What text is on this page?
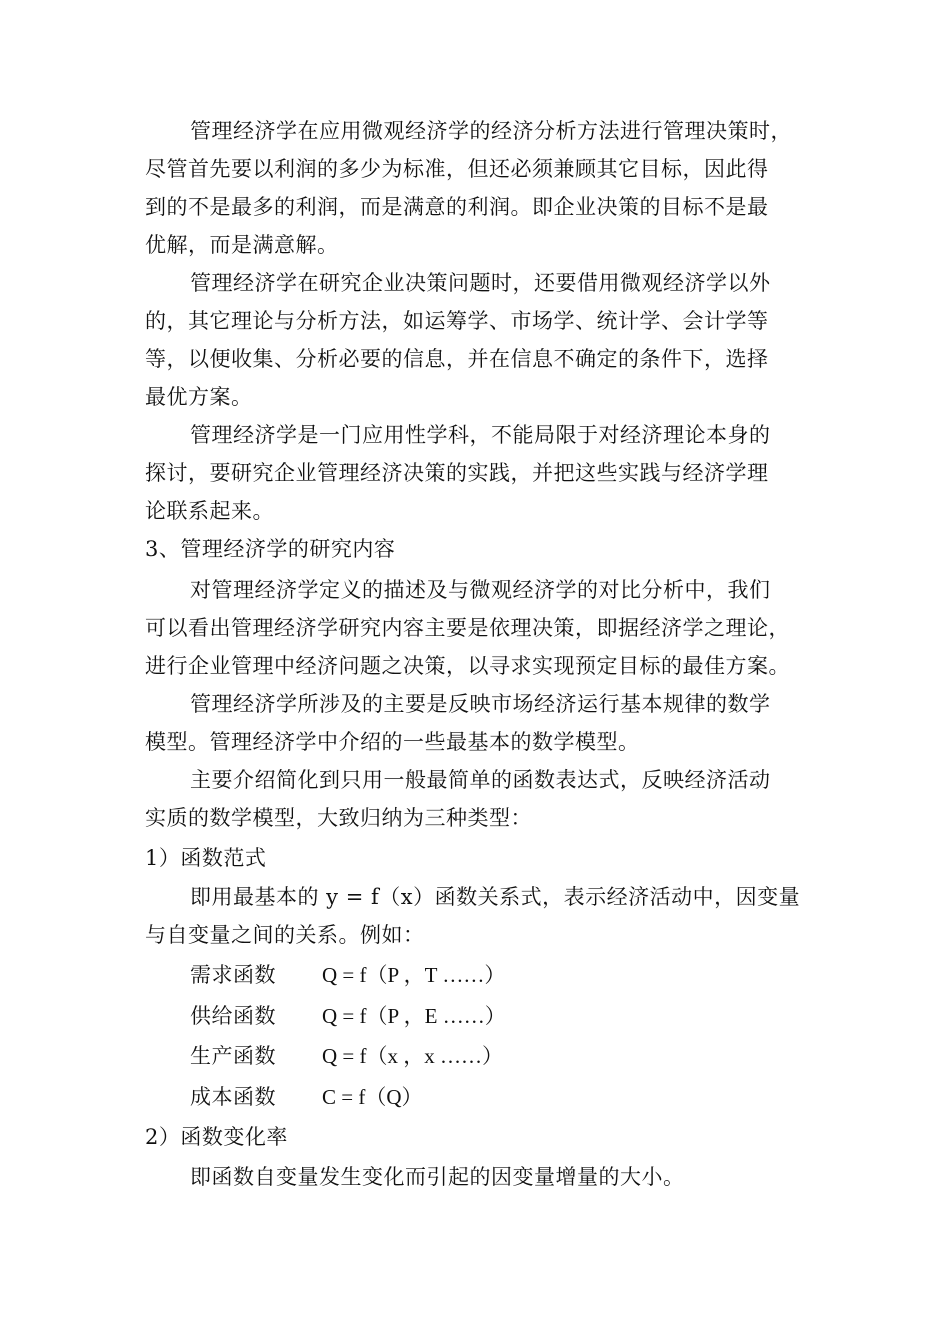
管理经济学在应用微观经济学的经济分析方法进行管理决策时，
尽管首先要以利润的多少为标准，但还必须兼顾其它目标，因此得
到的不是最多的利润，而是满意的利润。即企业决策的目标不是最
优解，而是满意解。
管理经济学在研究企业决策问题时，还要借用微观经济学以外
的，其它理论与分析方法，如运筹学、市场学、统计学、会计学等
等，以便收集、分析必要的信息，并在信息不确定的条件下，选择
最优方案。
管理经济学是一门应用性学科，不能局限于对经济理论本身的
探讨，要研究企业管理经济决策的实践，并把这些实践与经济学理
论联系起来。
3、管理经济学的研究内容
对管理经济学定义的描述及与微观经济学的对比分析中，我们
可以看出管理经济学研究内容主要是依理决策，即据经济学之理论，
进行企业管理中经济问题之决策，以寻求实现预定目标的最佳方案。
管理经济学所涉及的主要是反映市场经济运行基本规律的数学
模型。管理经济学中介绍的一些最基本的数学模型。
主要介绍简化到只用一般最简单的函数表达式，反映经济活动
实质的数学模型，大致归纳为三种类型：
1）函数范式
即用最基本的 y = f（x）函数关系式，表示经济活动中，因变量
与自变量之间的关系。例如：
需求函数 Q = f（P ，T ……）
供给函数 Q = f（P ，E ……）
生产函数 Q = f（x ，x ……）
成本函数 C = f（Q）
2）函数变化率
即函数自变量发生变化而引起的因变量增量的大小。
